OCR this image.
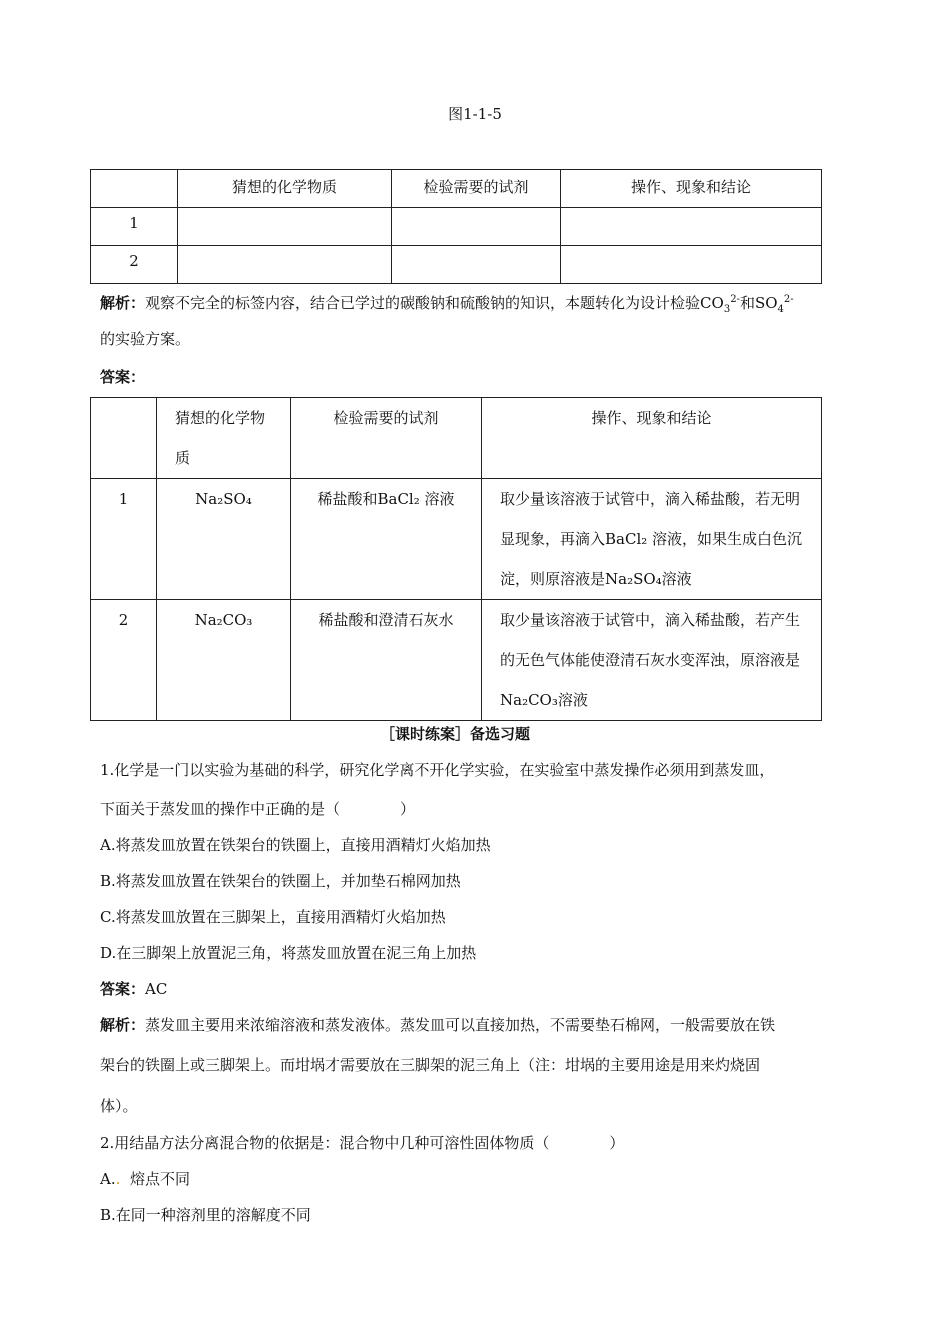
图1-1-5

	猜想的化学物质	检验需要的试剂	操作、现象和结论

1			

2			

解析：观察不完全的标签内容，结合已学过的碳酸钠和硫酸钠的知识，本题转化为设计检验$CO_3^{2-}$和$SO_4^{2-}$
的实验方案。
答案：

	猜想的化学物质	检验需要的试剂	操作、现象和结论

1	Na₂SO₄	稀盐酸和BaCl₂ 溶液	取少量该溶液于试管中，滴入稀盐酸，若无明显现象，再滴入BaCl₂ 溶液，如果生成白色沉淀，则原溶液是Na₂SO₄溶液
2	Na₂CO₃	稀盐酸和澄清石灰水	取少量该溶液于试管中，滴入稀盐酸，若产生的无色气体能使澄清石灰水变浑浊，原溶液是Na₂CO₃溶液
［课时练案］备选习题
1.化学是一门以实验为基础的科学，研究化学离不开化学实验，在实验室中蒸发操作必须用到蒸发皿，
下面关于蒸发皿的操作中正确的是（　　　　）
A.将蒸发皿放置在铁架台的铁圈上，直接用酒精灯火焰加热
B.将蒸发皿放置在铁架台的铁圈上，并加垫石棉网加热
C.将蒸发皿放置在三脚架上，直接用酒精灯火焰加热
D.在三脚架上放置泥三角，将蒸发皿放置在泥三角上加热
答案：AC
解析：蒸发皿主要用来浓缩溶液和蒸发液体。蒸发皿可以直接加热，不需要垫石棉网，一般需要放在铁
架台的铁圈上或三脚架上。而坩埚才需要放在三脚架的泥三角上（注：坩埚的主要用途是用来灼烧固
体）。
2.用结晶方法分离混合物的依据是：混合物中几种可溶性固体物质（　　　　）
A.. 熔点不同
B.在同一种溶剂里的溶解度不同
